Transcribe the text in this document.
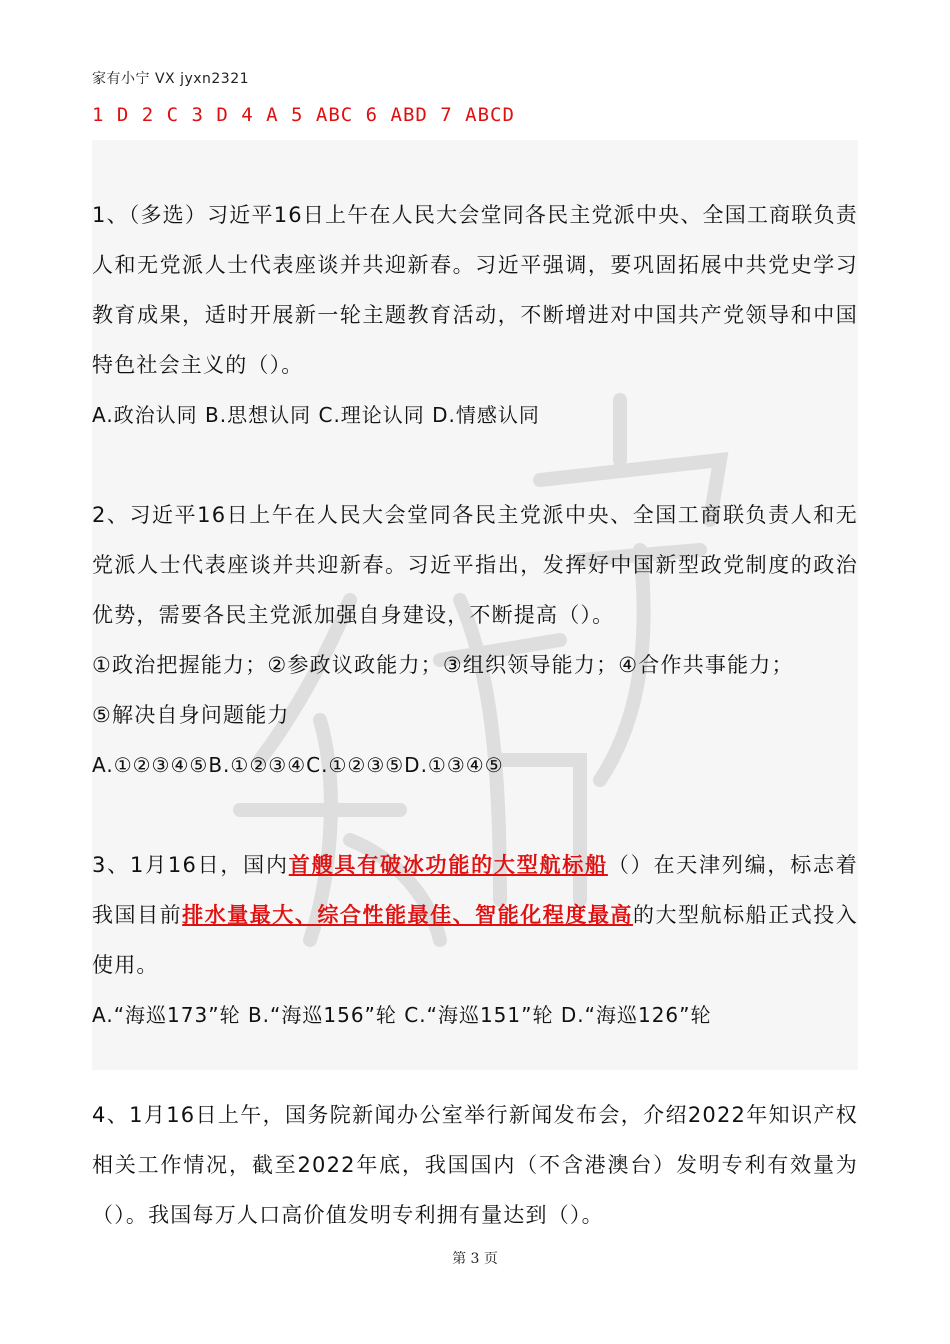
家有小宁 VX jyxn2321
1 D 2 C 3 D 4 A 5 ABC 6 ABD 7 ABCD

1、（多选）习近平16日上午在人民大会堂同各民主党派中央、全国工商联负责人和无党派人士代表座谈并共迎新春。习近平强调，要巩固拓展中共党史学习教育成果，适时开展新一轮主题教育活动，不断增进对中国共产党领导和中国特色社会主义的（）。

A.政治认同 B.思想认同 C.理论认同 D.情感认同

2、习近平16日上午在人民大会堂同各民主党派中央、全国工商联负责人和无党派人士代表座谈并共迎新春。习近平指出，发挥好中国新型政党制度的政治优势，需要各民主党派加强自身建设，不断提高（）。

①政治把握能力；②参政议政能力；③组织领导能力；④合作共事能力；

⑤解决自身问题能力

A.①②③④⑤B.①②③④C.①②③⑤D.①③④⑤

3、1月16日，国内首艘具有破冰功能的大型航标船（）在天津列编，标志着我国目前排水量最大、综合性能最佳、智能化程度最高的大型航标船正式投入使用。

A.“海巡173”轮 B.“海巡156”轮 C.“海巡151”轮 D.“海巡126”轮

4、1月16日上午，国务院新闻办公室举行新闻发布会，介绍2022年知识产权相关工作情况，截至2022年底，我国国内（不含港澳台）发明专利有效量为（）。我国每万人口高价值发明专利拥有量达到（）。

第 3 页
